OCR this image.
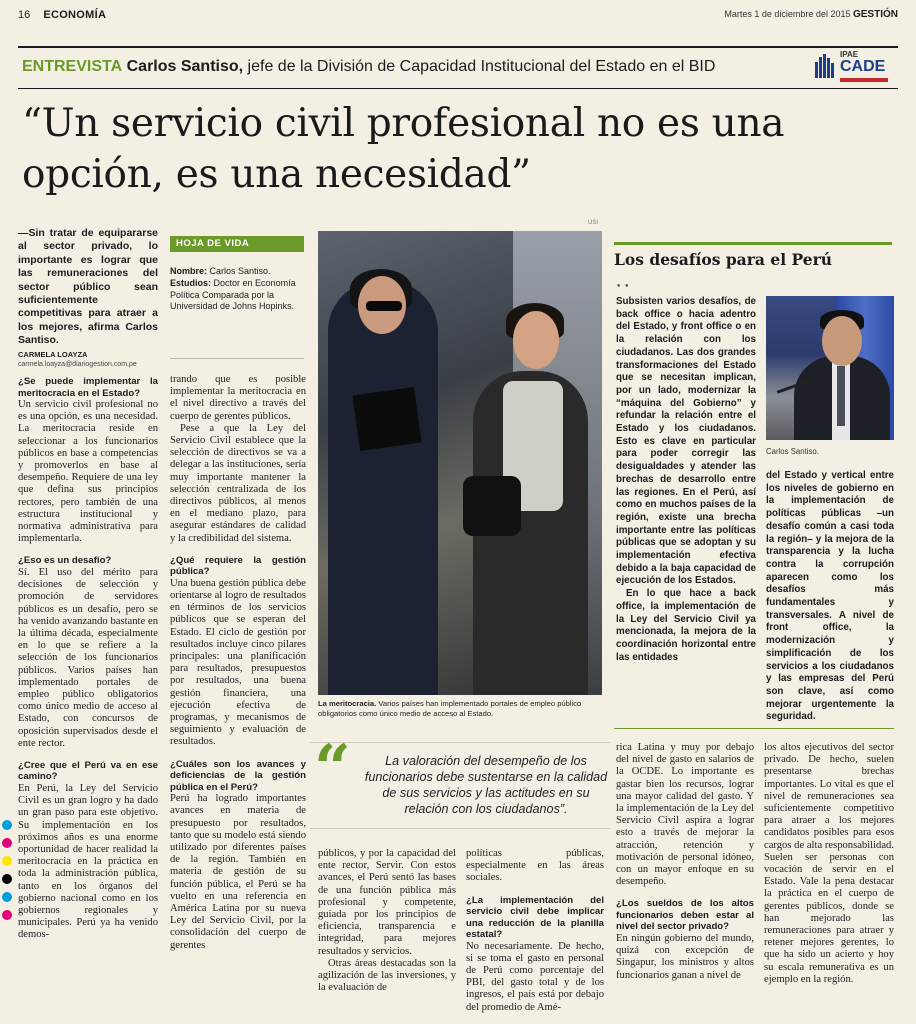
16 ECONOMÍA	Martes 1 de diciembre del 2015 GESTIÓN
ENTREVISTA Carlos Santiso, jefe de la División de Capacidad Institucional del Estado en el BID
IPAE
CADE
“Un servicio civil profesional no es una opción, es una necesidad”
—Sin tratar de equipararse al sector privado, lo importante es lograr que las remuneraciones del sector público sean suficientemente competitivas para atraer a los mejores, afirma Carlos Santiso.
CARMELA LOAYZA
carmela.loayza@diariogestion.com.pe
¿Se puede implementar la meritocracia en el Estado?

Un servicio civil profesional no es una opción, es una necesidad. La meritocracia reside en seleccionar a los funcionarios públicos en base a competencias y promoverlos en base al desempeño. Requiere de una ley que defina sus principios rectores, pero también de una estructura institucional y normativa administrativa para implementarla.

¿Eso es un desafío?

Sí. El uso del mérito para decisiones de selección y promoción de servidores públicos es un desafío, pero se ha venido avanzando bastante en la última década, especialmente en lo que se refiere a la selección de los funcionarios públicos. Varios países han implementado portales de empleo público obligatorios como único medio de acceso al Estado, con concursos de oposición supervisados desde el ente rector.

¿Cree que el Perú va en ese camino?

En Perú, la Ley del Servicio Civil es un gran logro y ha dado un gran paso para este objetivo. Su implementación en los próximos años es una enorme oportunidad de hacer realidad la meritocracia en la práctica en toda la administración pública, tanto en los órganos del gobierno nacional como en los gobiernos regionales y municipales. Perú ya ha venido demos-

HOJA DE VIDA
Nombre: Carlos Santiso.
Estudios: Doctor en Economía Política Comparada por la Universidad de Johns Hopinks.

trando que es posible implementar la meritocracia en el nivel directivo a través del cuerpo de gerentes públicos.

Pese a que la Ley del Servicio Civil establece que la selección de directivos se va a delegar a las instituciones, sería muy importante mantener la selección centralizada de los directivos públicos, al menos en el mediano plazo, para asegurar estándares de calidad y la credibilidad del sistema.

¿Qué requiere la gestión pública?

Una buena gestión pública debe orientarse al logro de resultados en términos de los servicios públicos que se esperan del Estado. El ciclo de gestión por resultados incluye cinco pilares principales: una planificación para resultados, presupuestos por resultados, una buena gestión financiera, una ejecución efectiva de programas, y mecanismos de seguimiento y evaluación de resultados.

¿Cuáles son los avances y deficiencias de la gestión pública en el Perú?

Perú ha logrado importantes avances en materia de presupuesto por resultados, tanto que su modelo está siendo utilizado por diferentes países de la región. También en materia de gestión de su función pública, el Perú se ha vuelto en una referencia en América Latina por su nueva Ley del Servicio Civil, por la consolidación del cuerpo de gerentes

USI
La meritocracia. Varios países han implementado portales de empleo público obligatorios como único medio de acceso al Estado.
“	La valoración del desempeño de los funcionarios debe sustentarse en la calidad de sus servicios y las actitudes en su relación con los ciudadanos”.

públicos, y por la capacidad del ente rector, Servir. Con estos avances, el Perú sentó las bases de una función pública más profesional y competente, guiada por los principios de eficiencia, transparencia e integridad, para mejores resultados y servicios.

Otras áreas destacadas son la agilización de las inversiones, y la evaluación de

políticas públicas, especialmente en las áreas sociales.

¿La implementación del servicio civil debe implicar una reducción de la planilla estatal?

No necesariamente. De hecho, si se toma el gasto en personal de Perú como porcentaje del PBI, del gasto total y de los ingresos, el país está por debajo del promedio de Amé-

Los desafíos para el Perú
• •

Subsisten varios desafíos, de back office o hacia adentro del Estado, y front office o en la relación con los ciudadanos. Las dos grandes transformaciones del Estado que se necesitan implican, por un lado, modernizar la “máquina del Gobierno” y refundar la relación entre el Estado y los ciudadanos. Esto es clave en particular para poder corregir las desigualdades y atender las brechas de desarrollo entre las regiones. En el Perú, así como en muchos países de la región, existe una brecha importante entre las políticas públicas que se adoptan y su implementación efectiva debido a la baja capacidad de ejecución de los Estados.

En lo que hace a back office, la implementación de la Ley del Servicio Civil ya mencionada, la mejora de la coordinación horizontal entre las entidades

Carlos Santiso.

del Estado y vertical entre los niveles de gobierno en la implementación de políticas públicas –un desafío común a casi toda la región– y la mejora de la transparencia y la lucha contra la corrupción aparecen como los desafíos más fundamentales y transversales. A nivel de front office, la modernización y simplificación de los servicios a los ciudadanos y las empresas del Perú son clave, así como mejorar urgentemente la seguridad.

rica Latina y muy por debajo del nivel de gasto en salarios de la OCDE. Lo importante es gastar bien los recursos, lograr una mayor calidad del gasto. Y la implementación de la Ley del Servicio Civil aspira a lograr esto a través de mejorar la atracción, retención y motivación de personal idóneo, con un mayor enfoque en su desempeño.

¿Los sueldos de los altos funcionarios deben estar al nivel del sector privado?

En ningún gobierno del mundo, quizá con excepción de Singapur, los ministros y altos funcionarios ganan a nivel de

los altos ejecutivos del sector privado. De hecho, suelen presentarse brechas importantes. Lo vital es que el nivel de remuneraciones sea suficientemente competitivo para atraer a los mejores candidatos posibles para esos cargos de alta responsabilidad. Suelen ser personas con vocación de servir en el Estado. Vale la pena destacar la práctica en el cuerpo de gerentes públicos, donde se han mejorado las remuneraciones para atraer y retener mejores gerentes, lo que ha sido un acierto y hoy su escala remunerativa es un ejemplo en la región.
